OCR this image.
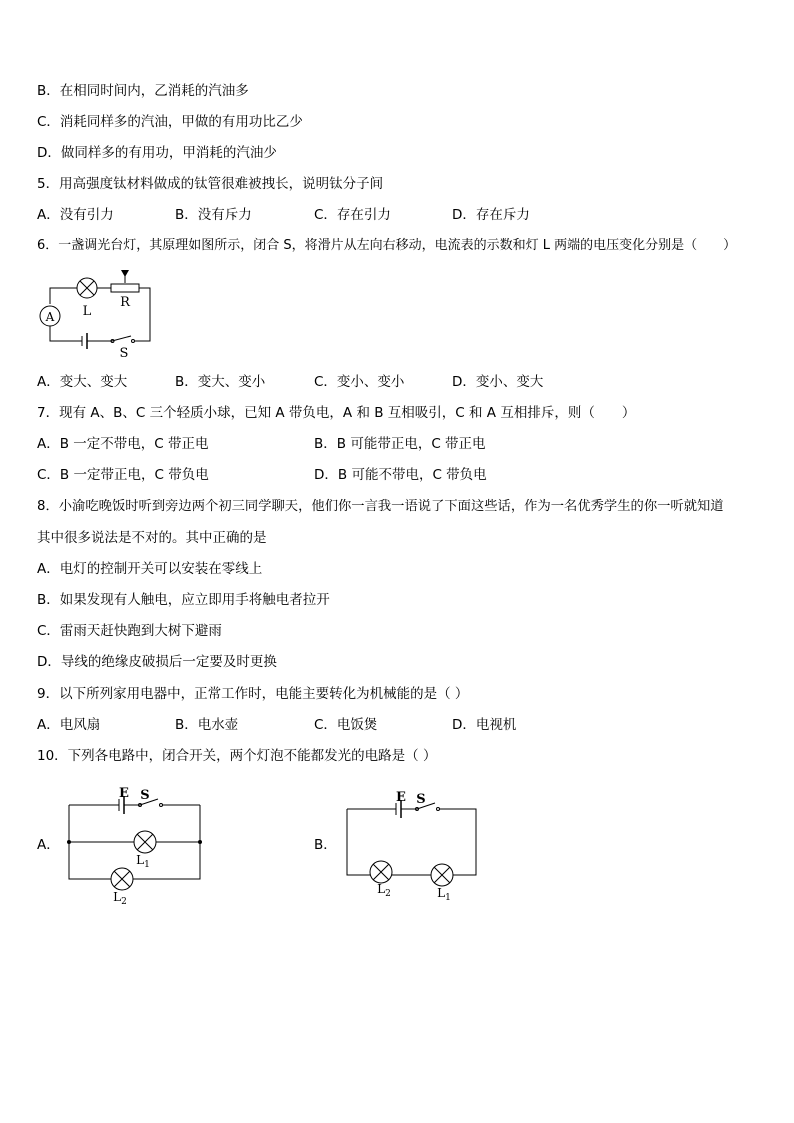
B．在相同时间内，乙消耗的汽油多
C．消耗同样多的汽油，甲做的有用功比乙少
D．做同样多的有用功，甲消耗的汽油少
5．用高强度钛材料做成的钛管很难被拽长，说明钛分子间
A．没有引力	B．没有斥力	C．存在引力	D．存在斥力
6．一盏调光台灯，其原理如图所示，闭合 S，将滑片从左向右移动，电流表的示数和灯 L 两端的电压变化分别是（　　）
A L
R
S
A．变大、变大	B．变大、变小	C．变小、变小	D．变小、变大
7．现有 A、B、C 三个轻质小球，已知 A 带负电，A 和 B 互相吸引，C 和 A 互相排斥，则（　　）
A．B 一定不带电，C 带正电	B．B 可能带正电，C 带正电
C．B 一定带正电，C 带负电	D．B 可能不带电，C 带负电
8．小渝吃晚饭时听到旁边两个初三同学聊天，他们你一言我一语说了下面这些话，作为一名优秀学生的你一听就知道
其中很多说法是不对的。其中正确的是
A．电灯的控制开关可以安装在零线上
B．如果发现有人触电，应立即用手将触电者拉开
C．雷雨天赶快跑到大树下避雨
D．导线的绝缘皮破损后一定要及时更换
9．以下所列家用电器中，正常工作时，电能主要转化为机械能的是（ ）
A．电风扇	B．电水壶	C．电饭煲	D．电视机
10．下列各电路中，闭合开关，两个灯泡不能都发光的电路是（ ）
A．
E S
$L_1$
$L_2$
B．
E S
$L_2$	$L_1$
